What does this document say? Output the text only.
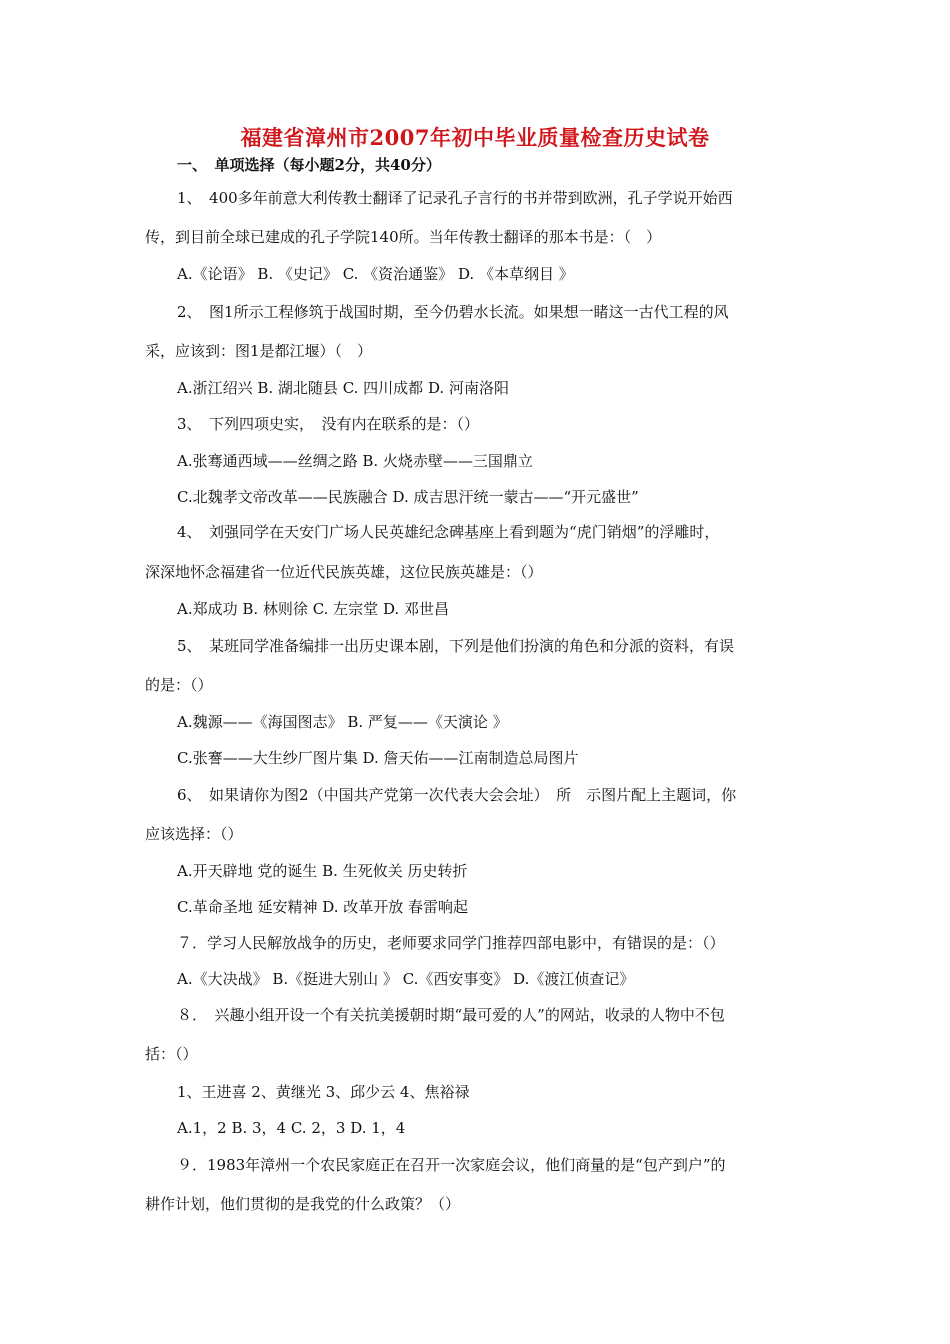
福建省漳州市2007年初中毕业质量检查历史试卷
一、　单项选择（每小题2分，共40分）
1、　400多年前意大利传教士翻译了记录孔子言行的书并带到欧洲，孔子学说开始西
传，到目前全球已建成的孔子学院140所。当年传教士翻译的那本书是：（　）
A.《论语》 B. 《史记》 C. 《资治通鉴》 D. 《本草纲目 》
2、　图1所示工程修筑于战国时期，至今仍碧水长流。如果想一睹这一古代工程的风
采，应该到：图1是都江堰）（　）
A.浙江绍兴 B. 湖北随县 C. 四川成都 D. 河南洛阳
3、　下列四项史实，　没有内在联系的是：（）
A.张骞通西域——丝绸之路 B. 火烧赤壁——三国鼎立
C.北魏孝文帝改革——民族融合 D. 成吉思汗统一蒙古——“开元盛世”
4、　刘强同学在天安门广场人民英雄纪念碑基座上看到题为“虎门销烟”的浮雕时，
深深地怀念福建省一位近代民族英雄，这位民族英雄是：（）
A.郑成功 B. 林则徐 C. 左宗堂 D. 邓世昌
5、　某班同学准备编排一出历史课本剧，下列是他们扮演的角色和分派的资料，有误
的是：（）
A.魏源——《海国图志》 B. 严复——《天演论 》
C.张謇——大生纱厂图片集 D. 詹天佑——江南制造总局图片
6、　如果请你为图2（中国共产党第一次代表大会会址）　所　示图片配上主题词，你
应该选择：（）
A.开天辟地 党的诞生 B. 生死攸关 历史转折
C.革命圣地 延安精神 D. 改革开放 春雷响起
７．学习人民解放战争的历史，老师要求同学门推荐四部电影中，有错误的是：（）
A.《大决战》 B.《挺进大别山 》 C.《西安事变》 D.《渡江侦查记》
８．　兴趣小组开设一个有关抗美援朝时期“最可爱的人”的网站，收录的人物中不包
括：（）
1、王进喜 2、黄继光 3、邱少云 4、焦裕禄
A.1，2 B. 3，4 C. 2，3 D. 1，4
９．1983年漳州一个农民家庭正在召开一次家庭会议，他们商量的是“包产到户”的
耕作计划，他们贯彻的是我党的什么政策？（）
